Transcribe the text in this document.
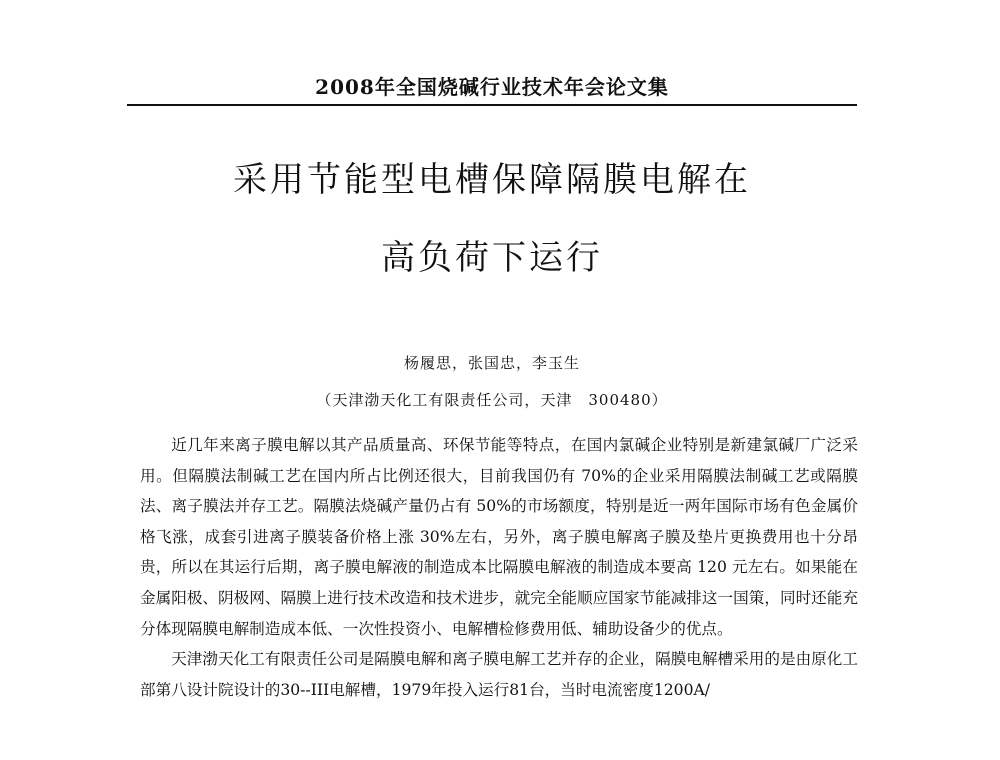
2008年全国烧碱行业技术年会论文集
采用节能型电槽保障隔膜电解在
高负荷下运行
杨履思，张国忠，李玉生
（天津渤天化工有限责任公司，天津　300480）

近几年来离子膜电解以其产品质量高、环保节能等特点，在国内氯碱企业特别是新建氯碱厂广泛采用。但隔膜法制碱工艺在国内所占比例还很大，目前我国仍有 70%的企业采用隔膜法制碱工艺或隔膜法、离子膜法并存工艺。隔膜法烧碱产量仍占有 50%的市场额度，特别是近一两年国际市场有色金属价格飞涨，成套引进离子膜装备价格上涨 30%左右，另外，离子膜电解离子膜及垫片更换费用也十分昂贵，所以在其运行后期，离子膜电解液的制造成本比隔膜电解液的制造成本要高 120 元左右。如果能在金属阳极、阴极网、隔膜上进行技术改造和技术进步，就完全能顺应国家节能减排这一国策，同时还能充分体现隔膜电解制造成本低、一次性投资小、电解槽检修费用低、辅助设备少的优点。

天津渤天化工有限责任公司是隔膜电解和离子膜电解工艺并存的企业，隔膜电解槽采用的是由原化工部第八设计院设计的30--III电解槽，1979年投入运行81台，当时电流密度1200A/
